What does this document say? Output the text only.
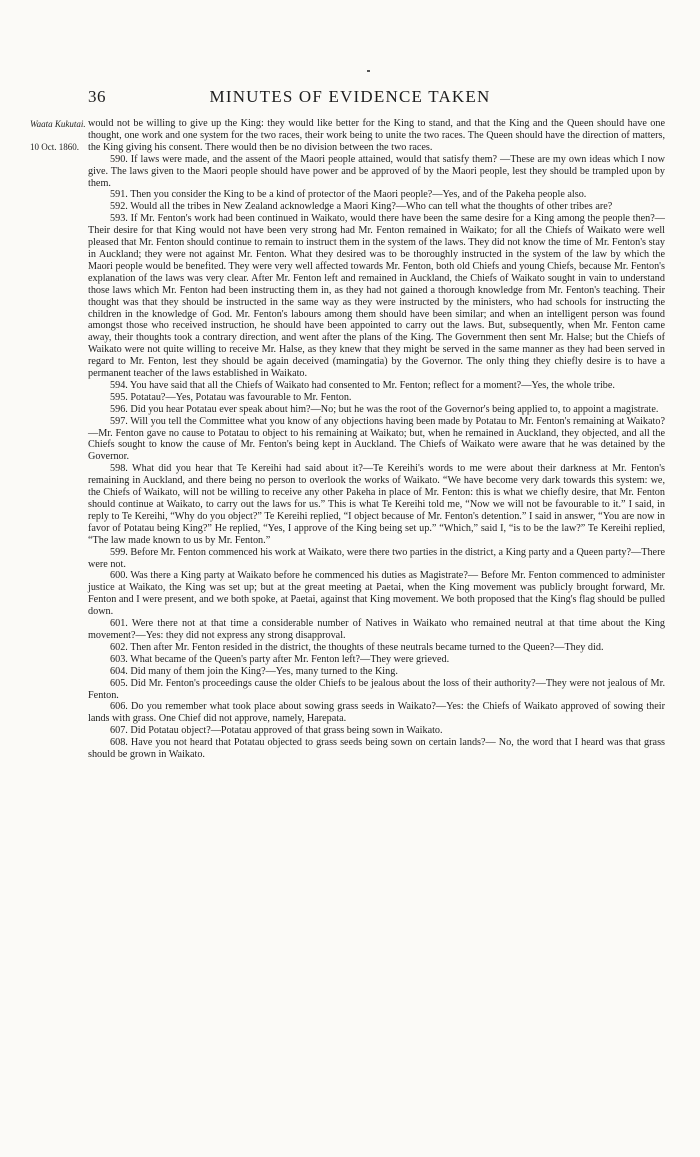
36	MINUTES OF EVIDENCE TAKEN
Waata Kukutai.
10 Oct. 1860.

would not be willing to give up the King: they would like better for the King to stand, and that the King and the Queen should have one thought, one work and one system for the two races, their work being to unite the two races. The Queen should have the direction of matters, the King giving his consent. There would then be no division between the two races.

590. If laws were made, and the assent of the Maori people attained, would that satisfy them? —These are my own ideas which I now give. The laws given to the Maori people should have power and be approved of by the Maori people, lest they should be trampled upon by them.

591. Then you consider the King to be a kind of protector of the Maori people?—Yes, and of the Pakeha people also.

592. Would all the tribes in New Zealand acknowledge a Maori King?—Who can tell what the thoughts of other tribes are?

593. If Mr. Fenton's work had been continued in Waikato, would there have been the same desire for a King among the people then?—Their desire for that King would not have been very strong had Mr. Fenton remained in Waikato; for all the Chiefs of Waikato were well pleased that Mr. Fenton should continue to remain to instruct them in the system of the laws. They did not know the time of Mr. Fenton's stay in Auckland; they were not against Mr. Fenton. What they desired was to be thoroughly instructed in the system of the law by which the Maori people would be benefited. They were very well affected towards Mr. Fenton, both old Chiefs and young Chiefs, because Mr. Fenton's explanation of the laws was very clear. After Mr. Fenton left and remained in Auckland, the Chiefs of Waikato sought in vain to understand those laws which Mr. Fenton had been instructing them in, as they had not gained a thorough knowledge from Mr. Fenton's teaching. Their thought was that they should be instructed in the same way as they were instructed by the ministers, who had schools for instructing the children in the knowledge of God. Mr. Fenton's labours among them should have been similar; and when an intelligent person was found amongst those who received instruction, he should have been appointed to carry out the laws. But, subsequently, when Mr. Fenton came away, their thoughts took a contrary direction, and went after the plans of the King. The Government then sent Mr. Halse; but the Chiefs of Waikato were not quite willing to receive Mr. Halse, as they knew that they might be served in the same manner as they had been served in regard to Mr. Fenton, lest they should be again deceived (mamingatia) by the Governor. The only thing they chiefly desire is to have a permanent teacher of the laws established in Waikato.

594. You have said that all the Chiefs of Waikato had consented to Mr. Fenton; reflect for a moment?—Yes, the whole tribe.

595. Potatau?—Yes, Potatau was favourable to Mr. Fenton.

596. Did you hear Potatau ever speak about him?—No; but he was the root of the Governor's being applied to, to appoint a magistrate.

597. Will you tell the Committee what you know of any objections having been made by Potatau to Mr. Fenton's remaining at Waikato?—Mr. Fenton gave no cause to Potatau to object to his remaining at Waikato; but, when he remained in Auckland, they objected, and all the Chiefs sought to know the cause of Mr. Fenton's being kept in Auckland. The Chiefs of Waikato were aware that he was detained by the Governor.

598. What did you hear that Te Kereihi had said about it?—Te Kereihi's words to me were about their darkness at Mr. Fenton's remaining in Auckland, and there being no person to overlook the works of Waikato. “We have become very dark towards this system: we, the Chiefs of Waikato, will not be willing to receive any other Pakeha in place of Mr. Fenton: this is what we chiefly desire, that Mr. Fenton should continue at Waikato, to carry out the laws for us.” This is what Te Kereihi told me, “Now we will not be favourable to it.” I said, in reply to Te Kereihi, “Why do you object?” Te Kereihi replied, “I object because of Mr. Fenton's detention.” I said in answer, “You are now in favor of Potatau being King?” He replied, “Yes, I approve of the King being set up.” “Which,” said I, “is to be the law?” Te Kereihi replied, “The law made known to us by Mr. Fenton.”

599. Before Mr. Fenton commenced his work at Waikato, were there two parties in the district, a King party and a Queen party?—There were not.

600. Was there a King party at Waikato before he commenced his duties as Magistrate?— Before Mr. Fenton commenced to administer justice at Waikato, the King was set up; but at the great meeting at Paetai, when the King movement was publicly brought forward, Mr. Fenton and I were present, and we both spoke, at Paetai, against that King movement. We both proposed that the King's flag should be pulled down.

601. Were there not at that time a considerable number of Natives in Waikato who remained neutral at that time about the King movement?—Yes: they did not express any strong disapproval.

602. Then after Mr. Fenton resided in the district, the thoughts of these neutrals became turned to the Queen?—They did.

603. What became of the Queen's party after Mr. Fenton left?—They were grieved.

604. Did many of them join the King?—Yes, many turned to the King.

605. Did Mr. Fenton's proceedings cause the older Chiefs to be jealous about the loss of their authority?—They were not jealous of Mr. Fenton.

606. Do you remember what took place about sowing grass seeds in Waikato?—Yes: the Chiefs of Waikato approved of sowing their lands with grass. One Chief did not approve, namely, Harepata.

607. Did Potatau object?—Potatau approved of that grass being sown in Waikato.

608. Have you not heard that Potatau objected to grass seeds being sown on certain lands?— No, the word that I heard was that grass should be grown in Waikato.
